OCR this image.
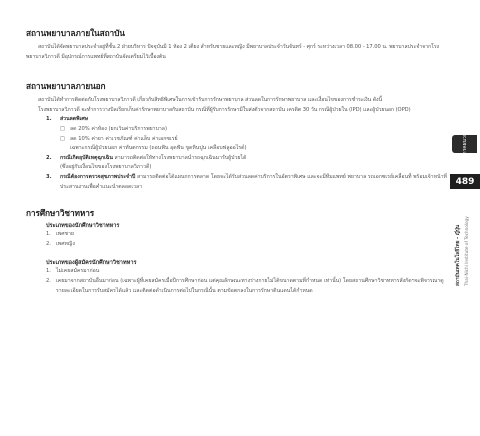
สถานพยาบาลภายในสถาบัน

สถาบันได้จัดพยาบาลประจำอยู่ที่ชั้น 2 ฝ่ายบริหาร ปัจจุบันมี 1 ห้อง 2 เตียง สำหรับชายและหญิง มีพยาบาลประจำวันจันทร์ - ศุกร์ ระหว่างเวลา 08.00 - 17.00 น. พยาบาลประจำจากโรงพยาบาลวิภาวดี มีอุปกรณ์การแพทย์ที่สถาบันจัดเตรียมไว้เบื้องต้น

สถานพยาบาลภายนอก

สถาบันได้ทำการติดต่อกับโรงพยาบาลวิภาวดี เกี่ยวกับสิทธิพิเศษในการเข้ารับการรักษาพยาบาล ส่วนลดในการรักษาพยาบาล และเงื่อนไขของการชำระเงิน ดังนี้

โรงพยาบาลวิภาวดี จะทำการวางบิลเรียกเก็บค่ารักษาพยาบาลกับสถาบัน กรณีที่ผู้รับการรักษามีใบส่งตัวจากสถาบัน เครดิต 30 วัน กรณีผู้ป่วยใน (IPD) และผู้ป่วยนอก (OPD)

1.	ส่วนลดพิเศษ
□ ลด 20% ค่าห้อง (ยกเว้นค่าบริการพยาบาล)
□ ลด 10% ค่ายา ค่าเวชภัณฑ์ ค่าแล็บ ค่าเอกซเรย์
เฉพาะกรณีผู้ป่วยนอก ค่าทันตกรรม (ถอนฟัน อุดฟัน ขูดหินปูน เคลือบฟลูออไรด์)
2.	กรณีเกิดอุบัติเหตุฉุกเฉิน สามารถติดต่อให้ทางโรงพยาบาลนำรถฉุกเฉินมารับผู้ป่วยได้
(ซึ่งอยู่กับเงื่อนไขของโรงพยาบาลวิภาวดี)
3.	กรณีต้องการตรวจสุขภาพประจำปี สามารถติดต่อได้แผนกการตลาด โดยจะได้รับส่วนลดค่าบริการในอัตราพิเศษ และจะมีทีมแพทย์ พยาบาล รถเอกซเรย์เคลื่อนที่ พร้อมเจ้าหน้าที่ประสานงานเพื่อคำแนะนำตลอดเวลา
การศึกษาวิชาทหาร

ประเภทของนักศึกษาวิชาทหาร

1. เพศชาย
2. เพศหญิง

ประเภทของผู้สมัครนักศึกษาวิชาทหาร

1. ไม่เคยสมัครมาก่อน
2. เคยมาจากสถาบันอื่นมาก่อน (เฉพาะผู้ที่เคยสมัครเมื่อปีการศึกษาก่อน แต่คุณลักษณะทางร่างกายไม่ได้ขนาดตามที่กำหนด เท่านั้น) โดยสถานศึกษาวิชาทหารสังกัดฯจะพิจารณาดูรายละเอียดในการรับสมัครได้แล้ว และติดต่อดำเนินการต่อไปในกรณีนั้น ตามข้อตกลงในการรักษาดินแดนได้กำหนด
ภาคผนวก
489
สถาบันเทคโนโลยีไทย - ญี่ปุ่น Thai-Nichi Institute of Technology
